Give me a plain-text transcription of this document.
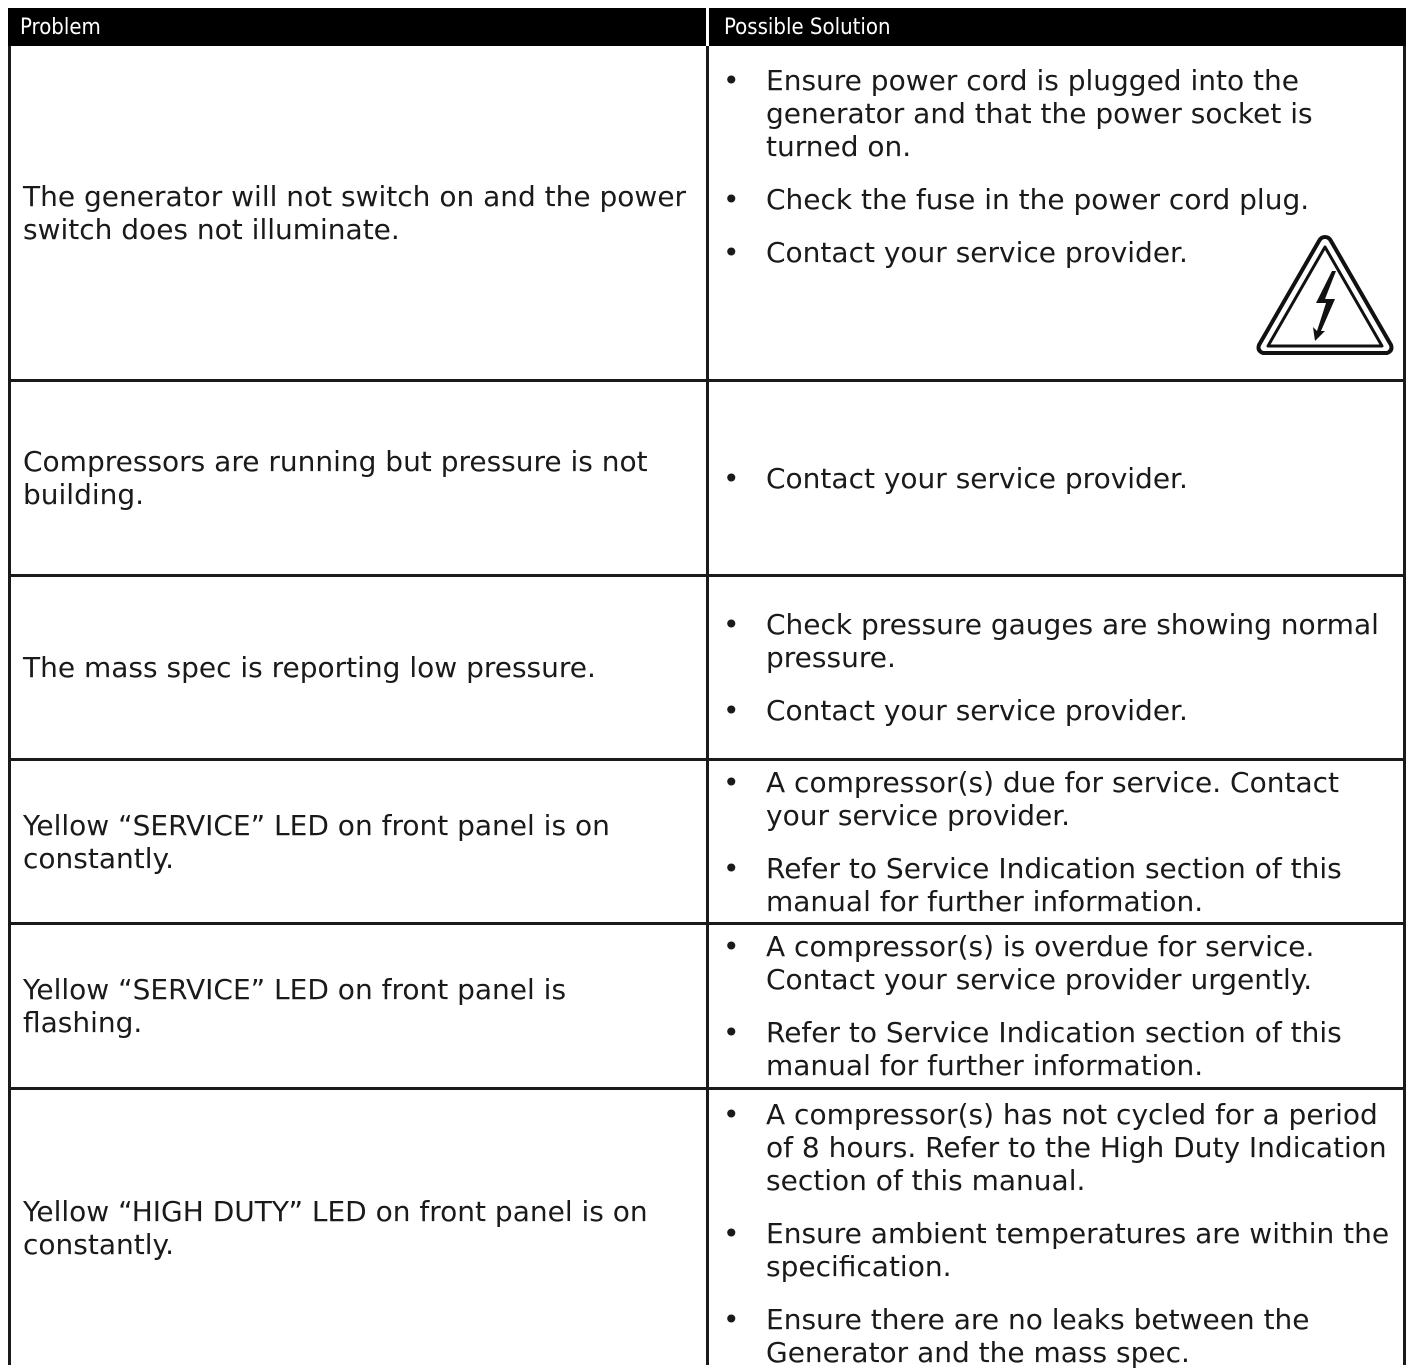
Problem	Possible Solution
The generator will not switch on and the power switch does not illuminate.
• Ensure power cord is plugged into the generator and that the power socket is turned on.
• Check the fuse in the power cord plug.
• Contact your service provider.
Compressors are running but pressure is not building.	• Contact your service provider.
The mass spec is reporting low pressure.
• Check pressure gauges are showing normal pressure.
• Contact your service provider.
Yellow “SERVICE” LED on front panel is on constantly.
• A compressor(s) due for service. Contact your service provider.
• Refer to Service Indication section of this manual for further information.
Yellow “SERVICE” LED on front panel is flashing.
• A compressor(s) is overdue for service. Contact your service provider urgently.
• Refer to Service Indication section of this manual for further information.
Yellow “HIGH DUTY” LED on front panel is on constantly.
• A compressor(s) has not cycled for a period of 8 hours. Refer to the High Duty Indication section of this manual.
• Ensure ambient temperatures are within the specification.
• Ensure there are no leaks between the Generator and the mass spec.
